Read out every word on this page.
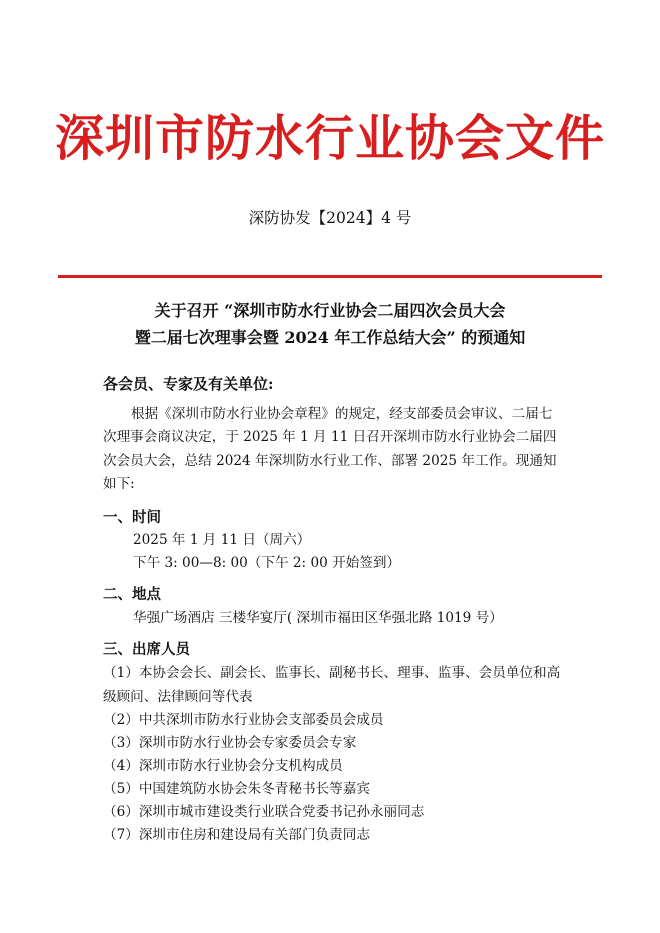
深圳市防水行业协会文件
深防协发【2024】4 号
关于召开 “深圳市防水行业协会二届四次会员大会
暨二届七次理事会暨 2024 年工作总结大会” 的预通知
各会员、专家及有关单位:
根据《深圳市防水行业协会章程》的规定，经支部委员会审议、二届七次理事会商议决定，于 2025 年 1 月 11 日召开深圳市防水行业协会二届四次会员大会，总结 2024 年深圳防水行业工作、部署 2025 年工作。现通知如下:
一、时间
2025 年 1 月 11 日（周六）
下午 3: 00—8: 00（下午 2: 00 开始签到）
二、地点
华强广场酒店 三楼华宴厅( 深圳市福田区华强北路 1019 号）
三、出席人员
（1）本协会会长、副会长、监事长、副秘书长、理事、监事、会员单位和高级顾问、法律顾问等代表
（2）中共深圳市防水行业协会支部委员会成员
（3）深圳市防水行业协会专家委员会专家
（4）深圳市防水行业协会分支机构成员
（5）中国建筑防水协会朱冬青秘书长等嘉宾
（6）深圳市城市建设类行业联合党委书记孙永丽同志
（7）深圳市住房和建设局有关部门负责同志
